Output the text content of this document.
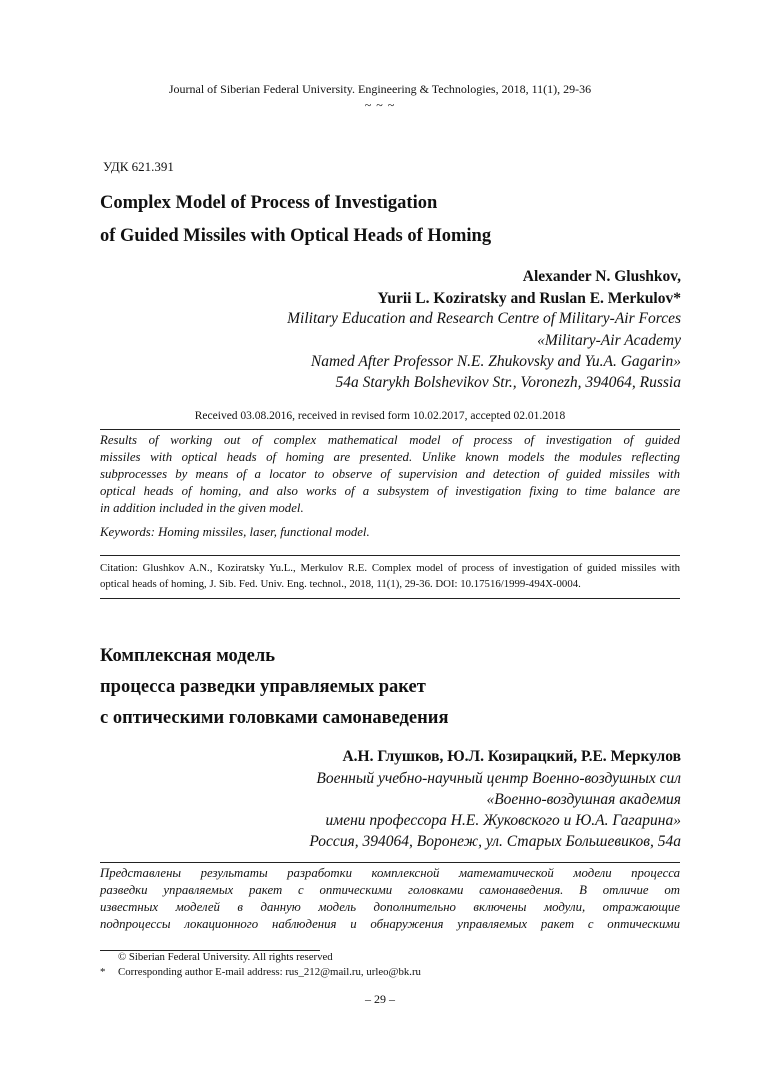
Journal of Siberian Federal University. Engineering & Technologies, 2018, 11(1), 29-36
~ ~ ~
УДК 621.391
Complex Model of Process of Investigation
of Guided Missiles with Optical Heads of Homing
Alexander N. Glushkov,
Yurii L. Koziratsky and Ruslan E. Merkulov*
Military Education and Research Centre of Military-Air Forces
«Military-Air Academy
Named After Professor N.E. Zhukovsky and Yu.A. Gagarin»
54a Starykh Bolshevikov Str., Voronezh, 394064, Russia
Received 03.08.2016, received in revised form 10.02.2017, accepted 02.01.2018
Results of working out of complex mathematical model of process of investigation of guided
missiles with optical heads of homing are presented. Unlike known models the modules reflecting
subprocesses by means of a locator to observe of supervision and detection of guided missiles with
optical heads of homing, and also works of a subsystem of investigation fixing to time balance are
in addition included in the given model.
Keywords: Homing missiles, laser, functional model.
Citation: Glushkov A.N., Koziratsky Yu.L., Merkulov R.E. Complex model of process of investigation of guided missiles with
optical heads of homing, J. Sib. Fed. Univ. Eng. technol., 2018, 11(1), 29-36. DOI: 10.17516/1999-494X-0004.
Комплексная модель
процесса разведки управляемых ракет
с оптическими головками самонаведения
А.Н. Глушков, Ю.Л. Козирацкий, Р.Е. Меркулов
Военный учебно-научный центр Военно-воздушных сил
«Военно-воздушная академия
имени профессора Н.Е. Жуковского и Ю.А. Гагарина»
Россия, 394064, Воронеж, ул. Старых Большевиков, 54а
Представлены результаты разработки комплексной математической модели процесса
разведки управляемых ракет с оптическими головками самонаведения. В отличие от
известных моделей в данную модель дополнительно включены модули, отражающие
подпроцессы локационного наблюдения и обнаружения управляемых ракет с оптическими
© Siberian Federal University. All rights reserved
* Corresponding author E-mail address: rus_212@mail.ru, urleo@bk.ru
– 29 –
